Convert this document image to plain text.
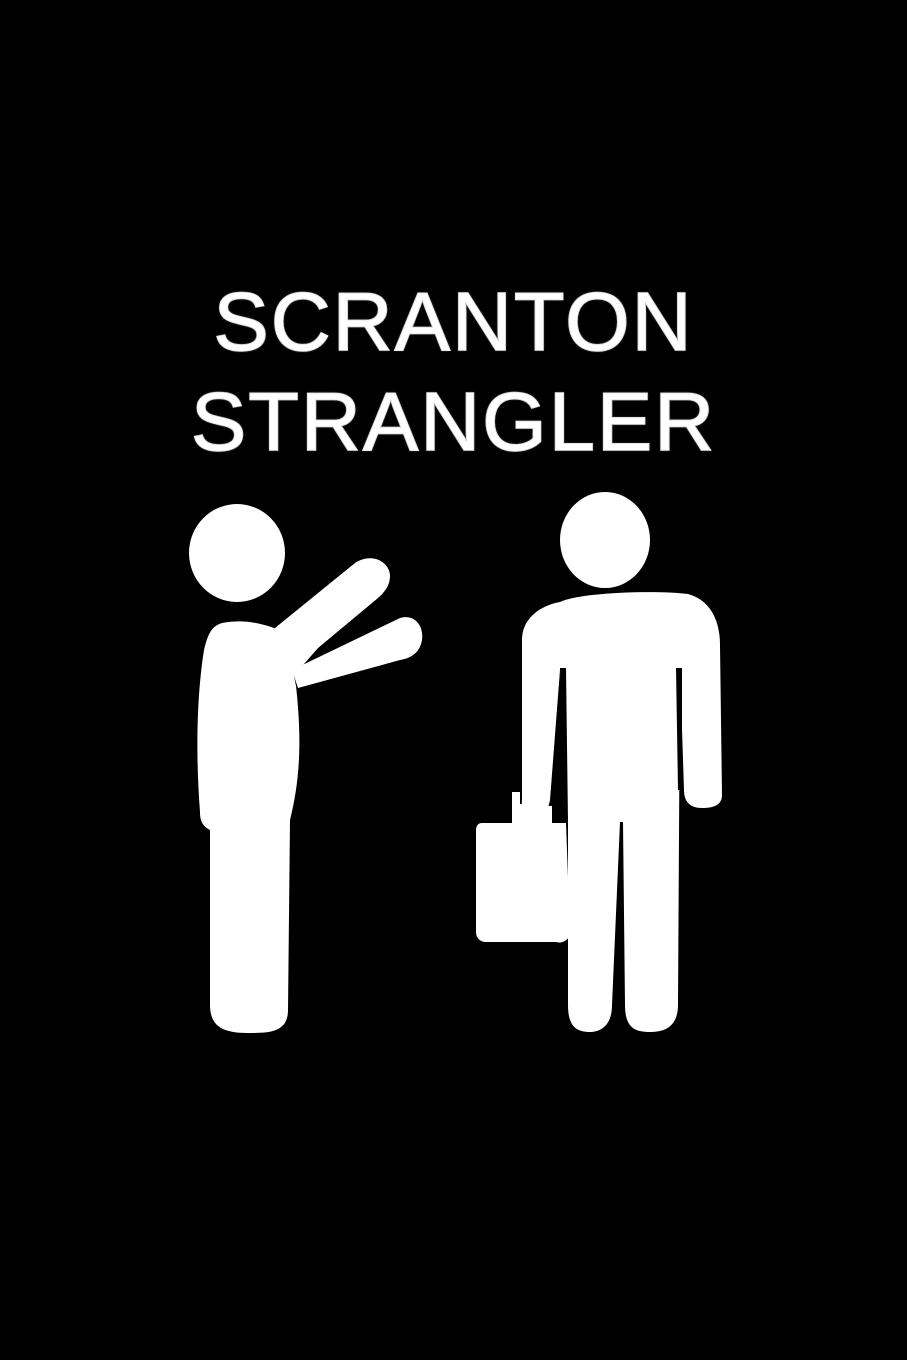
SCRANTON
STRANGLER
